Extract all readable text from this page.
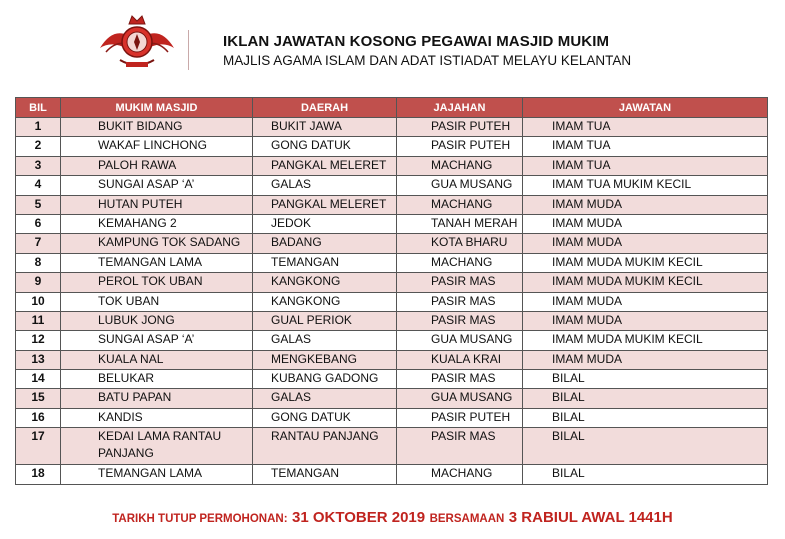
IKLAN JAWATAN KOSONG PEGAWAI MASJID MUKIM
MAJLIS AGAMA ISLAM DAN ADAT ISTIADAT MELAYU KELANTAN
BIL	MUKIM MASJID	DAERAH	JAJAHAN	JAWATAN
1	BUKIT BIDANG	BUKIT JAWA	PASIR PUTEH	IMAM TUA
2	WAKAF LINCHONG	GONG DATUK	PASIR PUTEH	IMAM TUA
3	PALOH RAWA	PANGKAL MELERET	MACHANG	IMAM TUA
4	SUNGAI ASAP ‘A’	GALAS	GUA MUSANG	IMAM TUA MUKIM KECIL
5	HUTAN PUTEH	PANGKAL MELERET	MACHANG	IMAM MUDA
6	KEMAHANG 2	JEDOK	TANAH MERAH	IMAM MUDA
7	KAMPUNG TOK SADANG	BADANG	KOTA BHARU	IMAM MUDA
8	TEMANGAN LAMA	TEMANGAN	MACHANG	IMAM MUDA MUKIM KECIL
9	PEROL TOK UBAN	KANGKONG	PASIR MAS	IMAM MUDA MUKIM KECIL
10	TOK UBAN	KANGKONG	PASIR MAS	IMAM MUDA
11	LUBUK JONG	GUAL PERIOK	PASIR MAS	IMAM MUDA
12	SUNGAI ASAP ‘A’	GALAS	GUA MUSANG	IMAM MUDA MUKIM KECIL
13	KUALA NAL	MENGKEBANG	KUALA KRAI	IMAM MUDA
14	BELUKAR	KUBANG GADONG	PASIR MAS	BILAL
15	BATU PAPAN	GALAS	GUA MUSANG	BILAL
16	KANDIS	GONG DATUK	PASIR PUTEH	BILAL
17	KEDAI LAMA RANTAU PANJANG	RANTAU PANJANG	PASIR MAS	BILAL
18	TEMANGAN LAMA	TEMANGAN	MACHANG	BILAL
TARIKH TUTUP PERMOHONAN: 31 OKTOBER 2019 BERSAMAAN 3 RABIUL AWAL 1441H
